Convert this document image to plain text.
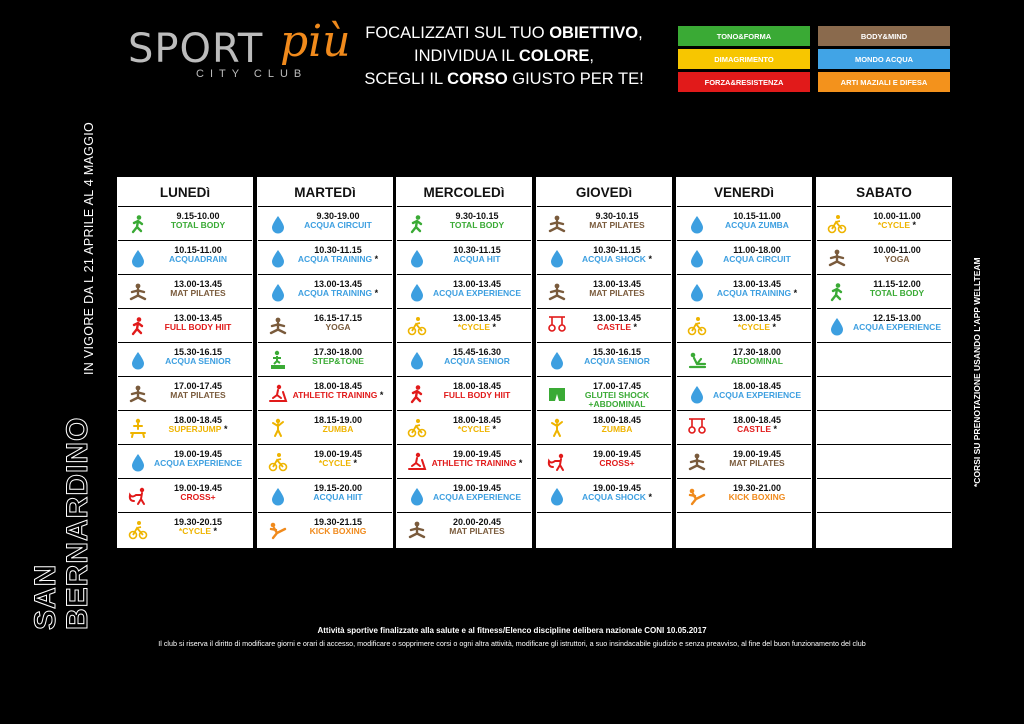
SPORT più
CITY CLUB
FOCALIZZATI SUL TUO OBIETTIVO,
INDIVIDUA IL COLORE,
SCEGLI IL CORSO GIUSTO PER TE!
TONO&FORMA	BODY&MIND
DIMAGRIMENTO	MONDO ACQUA
FORZA&RESISTENZA	ARTI MAZIALI E DIFESA
SAN BERNARDINO
IN VIGORE DA L 21 APRILE AL 4 MAGGIO	*CORSI SU PRENOTAZIONE USANDO L'APP WELLTEAM
LUNEDì
9.15-10.00
TOTAL BODY
10.15-11.00
ACQUADRAIN
13.00-13.45
MAT PILATES
13.00-13.45
FULL BODY HIIT
15.30-16.15
ACQUA SENIOR
17.00-17.45
MAT PILATES
18.00-18.45
SUPERJUMP *
19.00-19.45
ACQUA EXPERIENCE
19.00-19.45
CROSS+
19.30-20.15
*CYCLE *
MARTEDì
9.30-19.00
ACQUA CIRCUIT
10.30-11.15
ACQUA TRAINING *
13.00-13.45
ACQUA TRAINING *
16.15-17.15
YOGA
17.30-18.00
STEP&TONE
18.00-18.45
ATHLETIC TRAINING *
18.15-19.00
ZUMBA
19.00-19.45
*CYCLE *
19.15-20.00
ACQUA HIIT
19.30-21.15
KICK BOXING
MERCOLEDì
9.30-10.15
TOTAL BODY
10.30-11.15
ACQUA HIT
13.00-13.45
ACQUA EXPERIENCE
13.00-13.45
*CYCLE *
15.45-16.30
ACQUA SENIOR
18.00-18.45
FULL BODY HIIT
18.00-18.45
*CYCLE *
19.00-19.45
ATHLETIC TRAINING *
19.00-19.45
ACQUA EXPERIENCE
20.00-20.45
MAT PILATES
GIOVEDì
9.30-10.15
MAT PILATES
10.30-11.15
ACQUA SHOCK *
13.00-13.45
MAT PILATES
13.00-13.45
CASTLE *
15.30-16.15
ACQUA SENIOR
17.00-17.45
GLUTEI SHOCK +ABDOMINAL
18.00-18.45
ZUMBA
19.00-19.45
CROSS+
19.00-19.45
ACQUA SHOCK *
VENERDì
10.15-11.00
ACQUA ZUMBA
11.00-18.00
ACQUA CIRCUIT
13.00-13.45
ACQUA TRAINING *
13.00-13.45
*CYCLE *
17.30-18.00
ABDOMINAL
18.00-18.45
ACQUA EXPERIENCE
18.00-18.45
CASTLE *
19.00-19.45
MAT PILATES
19.30-21.00
KICK BOXING
SABATO
10.00-11.00
*CYCLE *
10.00-11.00
YOGA
11.15-12.00
TOTAL BODY
12.15-13.00
ACQUA EXPERIENCE
Attività sportive finalizzate alla salute e al fitness/Elenco discipline delibera nazionale CONI 10.05.2017
Il club si riserva il diritto di modificare giorni e orari di accesso, modificare o sopprimere corsi o ogni altra attività, modificare gli istruttori, a suo insindacabile giudizio e senza preavviso, al fine del buon funzionamento del club
